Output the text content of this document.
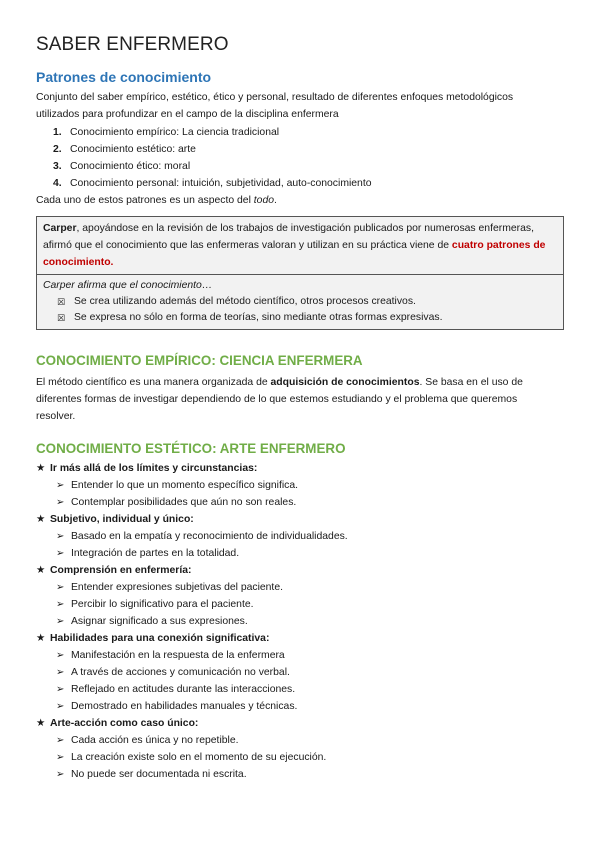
SABER ENFERMERO
Patrones de conocimiento
Conjunto del saber empírico, estético, ético y personal, resultado de diferentes enfoques metodológicos
utilizados para profundizar en el campo de la disciplina enfermera
1. Conocimiento empírico: La ciencia tradicional
2. Conocimiento estético: arte
3. Conocimiento ético: moral
4. Conocimiento personal: intuición, subjetividad, auto-conocimiento
Cada uno de estos patrones es un aspecto del todo.
Carper, apoyándose en la revisión de los trabajos de investigación publicados por numerosas enfermeras, afirmó que el conocimiento que las enfermeras valoran y utilizan en su práctica viene de cuatro patrones de conocimiento.
Carper afirma que el conocimiento…
☒ Se crea utilizando además del método científico, otros procesos creativos.
☒ Se expresa no sólo en forma de teorías, sino mediante otras formas expresivas.
CONOCIMIENTO EMPÍRICO: CIENCIA ENFERMERA
El método científico es una manera organizada de adquisición de conocimientos. Se basa en el uso de
diferentes formas de investigar dependiendo de lo que estemos estudiando y el problema que queremos
resolver.
CONOCIMIENTO ESTÉTICO: ARTE ENFERMERO
★ Ir más allá de los límites y circunstancias:
➢ Entender lo que un momento específico significa.
➢ Contemplar posibilidades que aún no son reales.
★ Subjetivo, individual y único:
➢ Basado en la empatía y reconocimiento de individualidades.
➢ Integración de partes en la totalidad.
★ Comprensión en enfermería:
➢ Entender expresiones subjetivas del paciente.
➢ Percibir lo significativo para el paciente.
➢ Asignar significado a sus expresiones.
★ Habilidades para una conexión significativa:
➢ Manifestación en la respuesta de la enfermera
➢ A través de acciones y comunicación no verbal.
➢ Reflejado en actitudes durante las interacciones.
➢ Demostrado en habilidades manuales y técnicas.
★ Arte-acción como caso único:
➢ Cada acción es única y no repetible.
➢ La creación existe solo en el momento de su ejecución.
➢ No puede ser documentada ni escrita.
